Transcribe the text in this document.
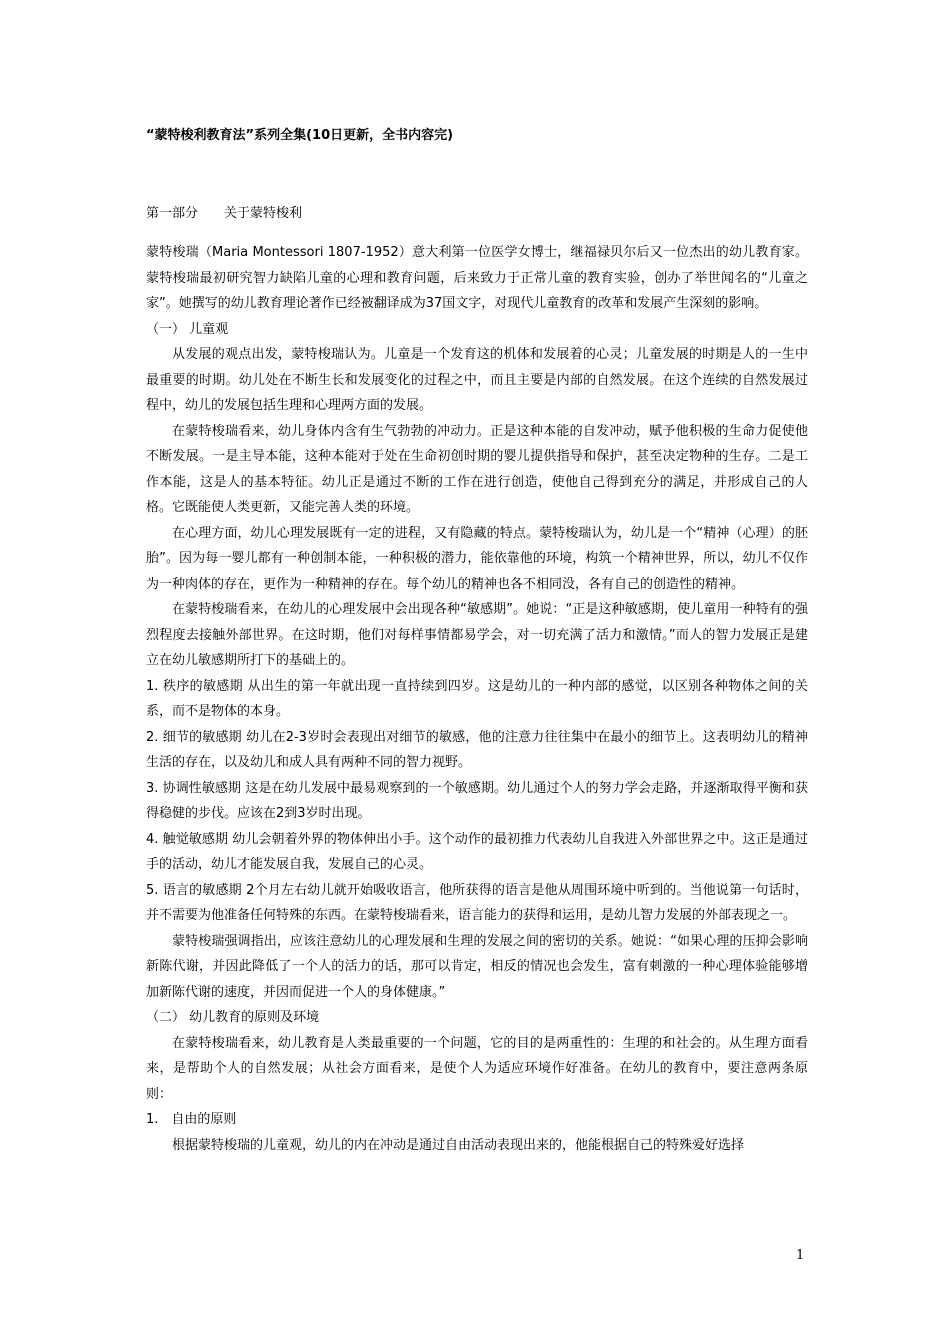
“蒙特梭利教育法”系列全集(10日更新，全书内容完)
第一部分 关于蒙特梭利

蒙特梭瑞（Maria Montessori 1807-1952）意大利第一位医学女博士，继福禄贝尔后又一位杰出的幼儿教育家。蒙特梭瑞最初研究智力缺陷儿童的心理和教育问题，后来致力于正常儿童的教育实验，创办了举世闻名的“儿童之家”。她撰写的幼儿教育理论著作已经被翻译成为37国文字，对现代儿童教育的改革和发展产生深刻的影响。

（一） 儿童观

从发展的观点出发，蒙特梭瑞认为。儿童是一个发育这的机体和发展着的心灵；儿童发展的时期是人的一生中最重要的时期。幼儿处在不断生长和发展变化的过程之中，而且主要是内部的自然发展。在这个连续的自然发展过程中，幼儿的发展包括生理和心理两方面的发展。

在蒙特梭瑞看来，幼儿身体内含有生气勃勃的冲动力。正是这种本能的自发冲动，赋予他积极的生命力促使他不断发展。一是主导本能，这种本能对于处在生命初创时期的婴儿提供指导和保护，甚至决定物种的生存。二是工作本能，这是人的基本特征。幼儿正是通过不断的工作在进行创造，使他自己得到充分的满足，并形成自己的人格。它既能使人类更新，又能完善人类的环境。

在心理方面，幼儿心理发展既有一定的进程，又有隐藏的特点。蒙特梭瑞认为，幼儿是一个“精神（心理）的胚胎”。因为每一婴儿都有一种创制本能，一种积极的潜力，能依靠他的环境，构筑一个精神世界，所以，幼儿不仅作为一种肉体的存在，更作为一种精神的存在。每个幼儿的精神也各不相同没，各有自己的创造性的精神。

在蒙特梭瑞看来，在幼儿的心理发展中会出现各种“敏感期”。她说：“正是这种敏感期，使儿童用一种特有的强烈程度去接触外部世界。在这时期，他们对每样事情都易学会，对一切充满了活力和激情。”而人的智力发展正是建立在幼儿敏感期所打下的基础上的。

1. 秩序的敏感期 从出生的第一年就出现一直持续到四岁。这是幼儿的一种内部的感觉，以区别各种物体之间的关系，而不是物体的本身。

2. 细节的敏感期 幼儿在2-3岁时会表现出对细节的敏感，他的注意力往往集中在最小的细节上。这表明幼儿的精神生活的存在，以及幼儿和成人具有两种不同的智力视野。

3. 协调性敏感期 这是在幼儿发展中最易观察到的一个敏感期。幼儿通过个人的努力学会走路，并逐渐取得平衡和获得稳健的步伐。应该在2到3岁时出现。

4. 触觉敏感期 幼儿会朝着外界的物体伸出小手。这个动作的最初推力代表幼儿自我进入外部世界之中。这正是通过手的活动，幼儿才能发展自我，发展自己的心灵。

5. 语言的敏感期 2个月左右幼儿就开始吸收语言，他所获得的语言是他从周围环境中听到的。当他说第一句话时，并不需要为他准备任何特殊的东西。在蒙特梭瑞看来，语言能力的获得和运用，是幼儿智力发展的外部表现之一。

蒙特梭瑞强调指出，应该注意幼儿的心理发展和生理的发展之间的密切的关系。她说：“如果心理的压抑会影响新陈代谢，并因此降低了一个人的活力的话，那可以肯定，相反的情况也会发生，富有刺激的一种心理体验能够增加新陈代谢的速度，并因而促进一个人的身体健康。”

（二） 幼儿教育的原则及环境

在蒙特梭瑞看来，幼儿教育是人类最重要的一个问题，它的目的是两重性的：生理的和社会的。从生理方面看来，是帮助个人的自然发展；从社会方面看来，是使个人为适应环境作好准备。在幼儿的教育中，要注意两条原则：

1.　自由的原则

根据蒙特梭瑞的儿童观，幼儿的内在冲动是通过自由活动表现出来的，他能根据自己的特殊爱好选择

1
